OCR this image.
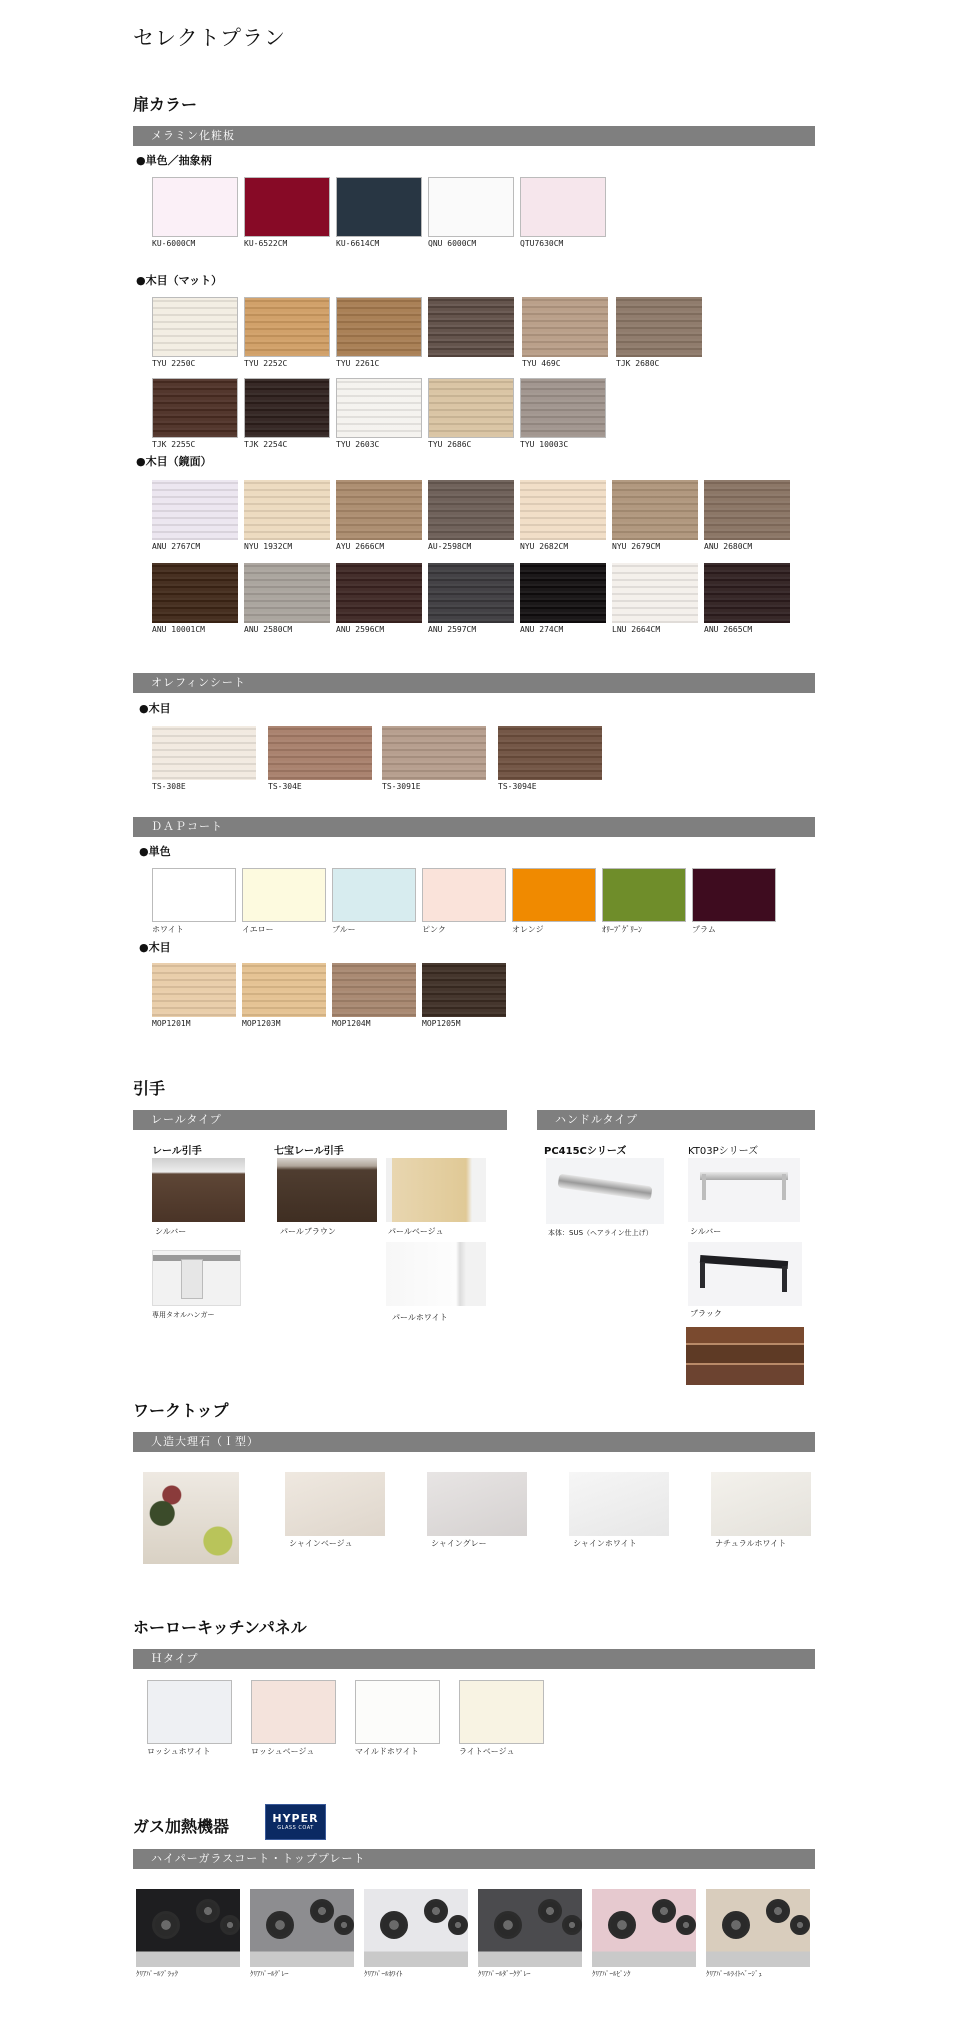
セレクトプラン
扉カラー
メラミン化粧板
●単色／抽象柄
KU-6000CM	KU-6522CM	KU-6614CM	QNU 6000CM	QTU7630CM
●木目（マット）
TYU 2250C	TYU 2252C	TYU 2261C	TYU 469C	TJK 2680C
TJK 2255C	TJK 2254C	TYU 2603C	TYU 2686C	TYU 10003C
●木目（鏡面）
ANU 2767CM	NYU 1932CM	AYU 2666CM	AU-2598CM	NYU 2682CM	NYU 2679CM	ANU 2680CM
ANU 10001CM	ANU 2580CM	ANU 2596CM	ANU 2597CM	ANU 274CM	LNU 2664CM	ANU 2665CM
オレフィンシート
●木目
TS-308E	TS-304E	TS-3091E	TS-3094E
ＤＡＰコート
●単色
ホワイト	イエロー	ブルー	ピンク	オレンジ	ｵﾘｰﾌﾞｸﾞﾘｰﾝ	プラム
●木目
MOP1201M	MOP1203M	MOP1204M	MOP1205M
引手
レールタイプ	ハンドルタイプ
レール引手	七宝レール引手	PC415Cシリーズ	KT03Pシリーズ
シルバー
専用タオルハンガー
パールブラウン	パールベージュ
パールホワイト
本体：SUS（ヘアライン仕上げ）	シルバー
ブラック
ワークトップ
人造大理石（Ｉ型）
シャインベージュ	シャイングレー	シャインホワイト	ナチュラルホワイト
ホーローキッチンパネル
Ｈタイプ
ロッシュホワイト	ロッシュベージュ	マイルドホワイト	ライトベージュ
ガス加熱機器	HYPER
GLASS COAT
ハイパーガラスコート・トッププレート
ｸﾘｱﾊﾟｰﾙﾌﾞﾗｯｸ	ｸﾘｱﾊﾟｰﾙｸﾞﾚｰ	ｸﾘｱﾊﾟｰﾙﾎﾜｲﾄ	ｸﾘｱﾊﾟｰﾙﾀﾞｰｸｸﾞﾚｰ	ｸﾘｱﾊﾟｰﾙﾋﾟﾝｸ	ｸﾘｱﾊﾟｰﾙﾗｲﾄﾍﾞｰｼﾞｭ
